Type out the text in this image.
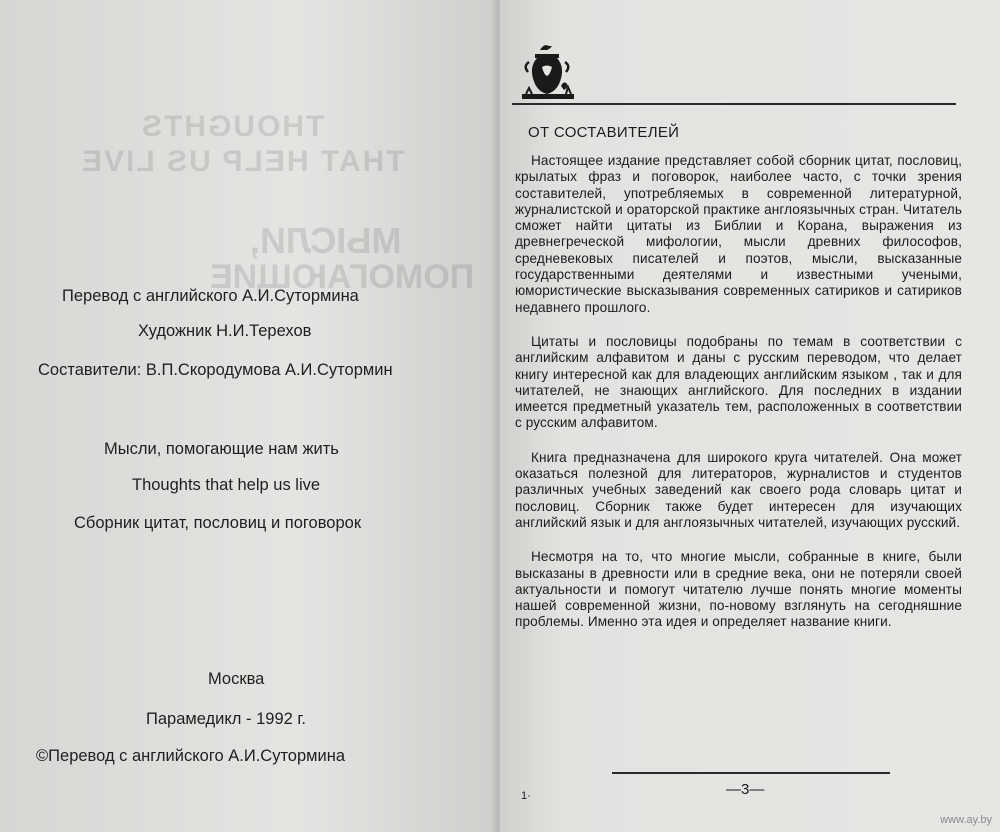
THOUGHTS
THAT HELP US LIVE
МЫСЛИ,
ПОМОГАЮЩИЕ
Перевод с английского А.И.Сутормина
Художник Н.И.Терехов
Составители: В.П.Скородумова А.И.Сутормин
Мысли, помогающие нам жить
Thoughts that help us live
Сборник цитат, пословиц и поговорок
Москва
Парамедикл - 1992 г.
©Перевод с английского А.И.Сутормина
ОТ СОСТАВИТЕЛЕЙ

Настоящее издание представляет собой сборник цитат, пословиц, крылатых фраз и поговорок, наиболее часто, с точки зрения составителей, употребляемых в современной литературной, журналистской и ораторской практике англоязычных стран. Читатель сможет найти цитаты из Библии и Корана, выражения из древнегреческой мифологии, мысли древних философов, средневековых писателей и поэтов, мысли, высказанные государственными деятелями и известными учеными, юмористические высказывания современных сатириков и сатириков недавнего прошлого.

Цитаты и пословицы подобраны по темам в соответствии с английским алфавитом и даны с русским переводом, что делает книгу интересной как для владеющих английским языком , так и для читателей, не знающих английского. Для последних в издании имеется предметный указатель тем, расположенных в соответствии с русским алфавитом.

Книга предназначена для широкого круга читателей. Она может оказаться полезной для литераторов, журналистов и студентов различных учебных заведений как своего рода словарь цитат и пословиц. Сборник также будет интересен для изучающих английский язык и для англоязычных читателей, изучающих русский.

Несмотря на то, что многие мысли, собранные в книге, были высказаны в древности или в средние века, они не потеряли своей актуальности и помогут читателю лучше понять многие моменты нашей современной жизни, по-новому взглянуть на сегодняшние проблемы. Именно эта идея и определяет название книги.

—3—
1·
www.ay.by
